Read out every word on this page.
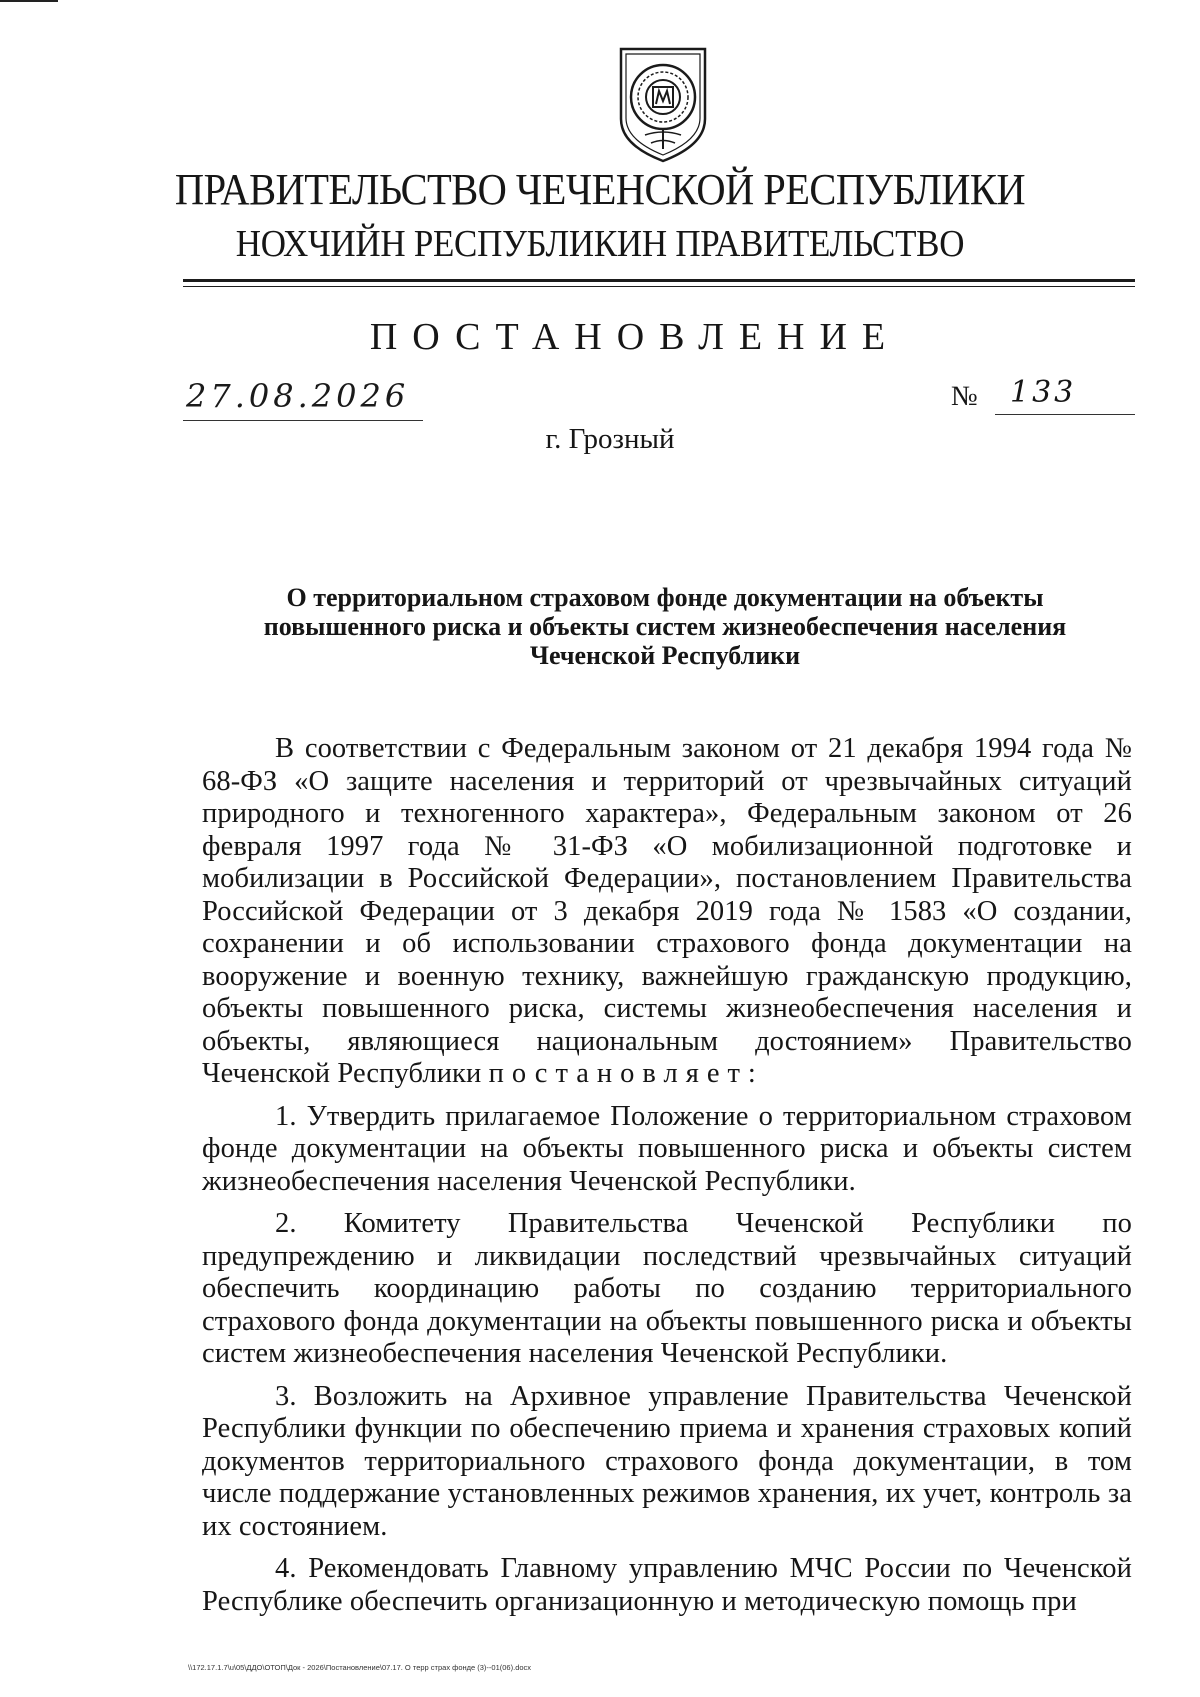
ПРАВИТЕЛЬСТВО ЧЕЧЕНСКОЙ РЕСПУБЛИКИ
НОХЧИЙН РЕСПУБЛИКИН ПРАВИТЕЛЬСТВО
ПОСТАНОВЛЕНИЕ
27.08.2026	№ 133
г. Грозный
О территориальном страховом фонде документации на объекты
повышенного риска и объекты систем жизнеобеспечения населения
Чеченской Республики

В соответствии с Федеральным законом от 21 декабря 1994 года № 68-ФЗ «О защите населения и территорий от чрезвычайных ситуаций природного и техногенного характера», Федеральным законом от 26 февраля 1997 года № 31-ФЗ «О мобилизационной подготовке и мобилизации в Российской Федерации», постановлением Правительства Российской Федерации от 3 декабря 2019 года № 1583 «О создании, сохранении и об использовании страхового фонда документации на вооружение и военную технику, важнейшую гражданскую продукцию, объекты повышенного риска, системы жизнеобеспечения населения и объекты, являющиеся национальным достоянием» Правительство Чеченской Республики постановляет:

1. Утвердить прилагаемое Положение о территориальном страховом фонде документации на объекты повышенного риска и объекты систем жизнеобеспечения населения Чеченской Республики.

2. Комитету Правительства Чеченской Республики по предупреждению и ликвидации последствий чрезвычайных ситуаций обеспечить координацию работы по созданию территориального страхового фонда документации на объекты повышенного риска и объекты систем жизнеобеспечения населения Чеченской Республики.

3. Возложить на Архивное управление Правительства Чеченской Республики функции по обеспечению приема и хранения страховых копий документов территориального страхового фонда документации, в том числе поддержание установленных режимов хранения, их учет, контроль за их состоянием.

4. Рекомендовать Главному управлению МЧС России по Чеченской Республике обеспечить организационную и методическую помощь при

\\172.17.1.7\u\05\ДДО\ОТОП\Док - 2026\Постановление\07.17. О терр страх фонде (3)--01(06).docx
